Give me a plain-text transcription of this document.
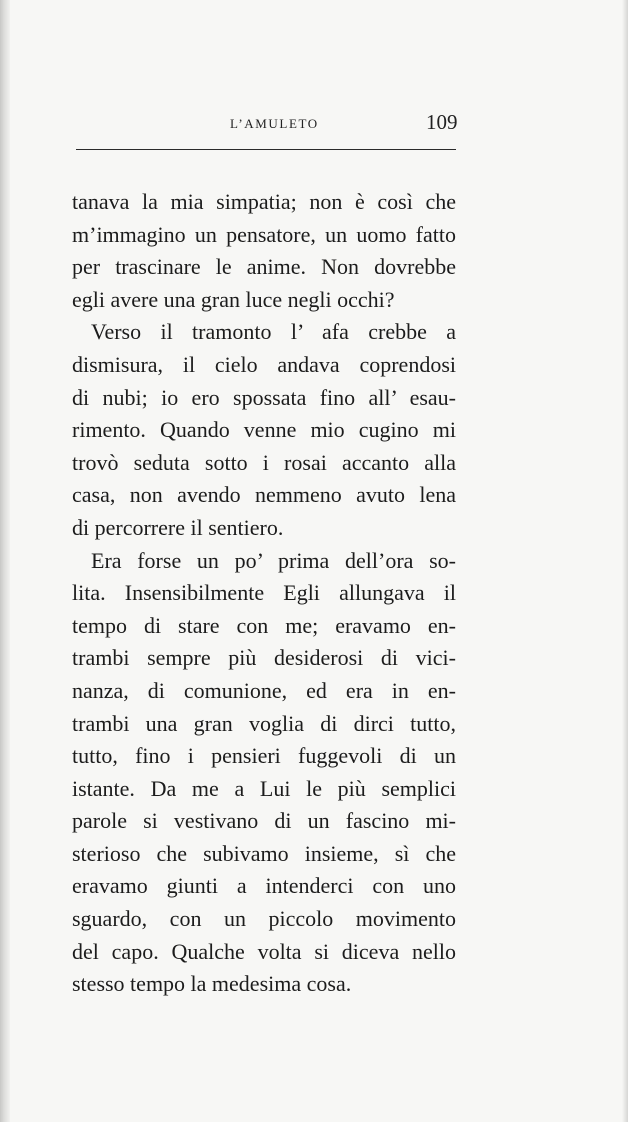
L’AMULETO	109
tanava la mia simpatia; non è così che
m’immagino un pensatore, un uomo fatto
per trascinare le anime. Non dovrebbe
egli avere una gran luce negli occhi?
Verso il tramonto l’ afa crebbe a
dismisura, il cielo andava coprendosi
di nubi; io ero spossata fino all’ esau-
rimento. Quando venne mio cugino mi
trovò seduta sotto i rosai accanto alla
casa, non avendo nemmeno avuto lena
di percorrere il sentiero.
Era forse un po’ prima dell’ora so-
lita. Insensibilmente Egli allungava il
tempo di stare con me; eravamo en-
trambi sempre più desiderosi di vici-
nanza, di comunione, ed era in en-
trambi una gran voglia di dirci tutto,
tutto, fino i pensieri fuggevoli di un
istante. Da me a Lui le più semplici
parole si vestivano di un fascino mi-
sterioso che subivamo insieme, sì che
eravamo giunti a intenderci con uno
sguardo, con un piccolo movimento
del capo. Qualche volta si diceva nello
stesso tempo la medesima cosa.
